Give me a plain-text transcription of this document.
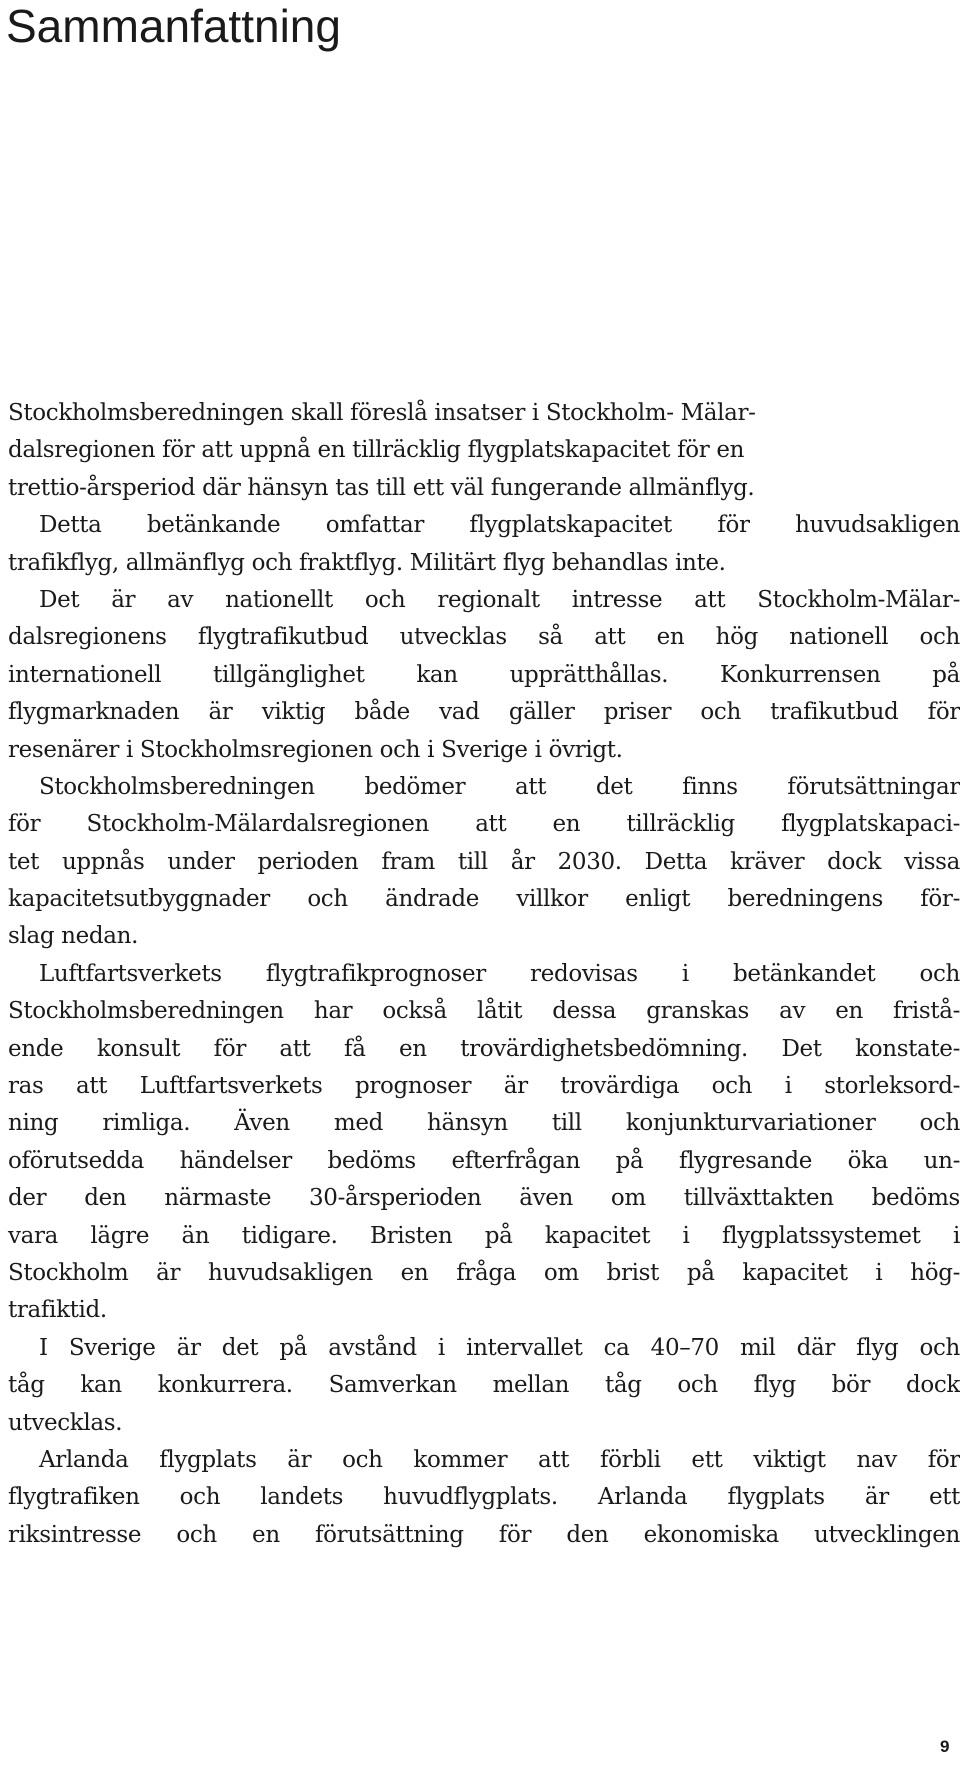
Sammanfattning
Stockholmsberedningen skall föreslå insatser i Stockholm- Mälar-
dalsregionen för att uppnå en tillräcklig flygplatskapacitet för en
trettio-årsperiod där hänsyn tas till ett väl fungerande allmänflyg.
Detta betänkande omfattar flygplatskapacitet för huvudsakligen
trafikflyg, allmänflyg och fraktflyg. Militärt flyg behandlas inte.
Det är av nationellt och regionalt intresse att Stockholm-Mälar-
dalsregionens flygtrafikutbud utvecklas så att en hög nationell och
internationell tillgänglighet kan upprätthållas. Konkurrensen på
flygmarknaden är viktig både vad gäller priser och trafikutbud för
resenärer i Stockholmsregionen och i Sverige i övrigt.
Stockholmsberedningen bedömer att det finns förutsättningar
för Stockholm-Mälardalsregionen att en tillräcklig flygplatskapaci-
tet uppnås under perioden fram till år 2030. Detta kräver dock vissa
kapacitetsutbyggnader och ändrade villkor enligt beredningens för-
slag nedan.
Luftfartsverkets flygtrafikprognoser redovisas i betänkandet och
Stockholmsberedningen har också låtit dessa granskas av en fristå-
ende konsult för att få en trovärdighetsbedömning. Det konstate-
ras att Luftfartsverkets prognoser är trovärdiga och i storleksord-
ning rimliga. Även med hänsyn till konjunkturvariationer och
oförutsedda händelser bedöms efterfrågan på flygresande öka un-
der den närmaste 30-årsperioden även om tillväxttakten bedöms
vara lägre än tidigare. Bristen på kapacitet i flygplatssystemet i
Stockholm är huvudsakligen en fråga om brist på kapacitet i hög-
trafiktid.
I Sverige är det på avstånd i intervallet ca 40–70 mil där flyg och
tåg kan konkurrera. Samverkan mellan tåg och flyg bör dock
utvecklas.
Arlanda flygplats är och kommer att förbli ett viktigt nav för
flygtrafiken och landets huvudflygplats. Arlanda flygplats är ett
riksintresse och en förutsättning för den ekonomiska utvecklingen
9
